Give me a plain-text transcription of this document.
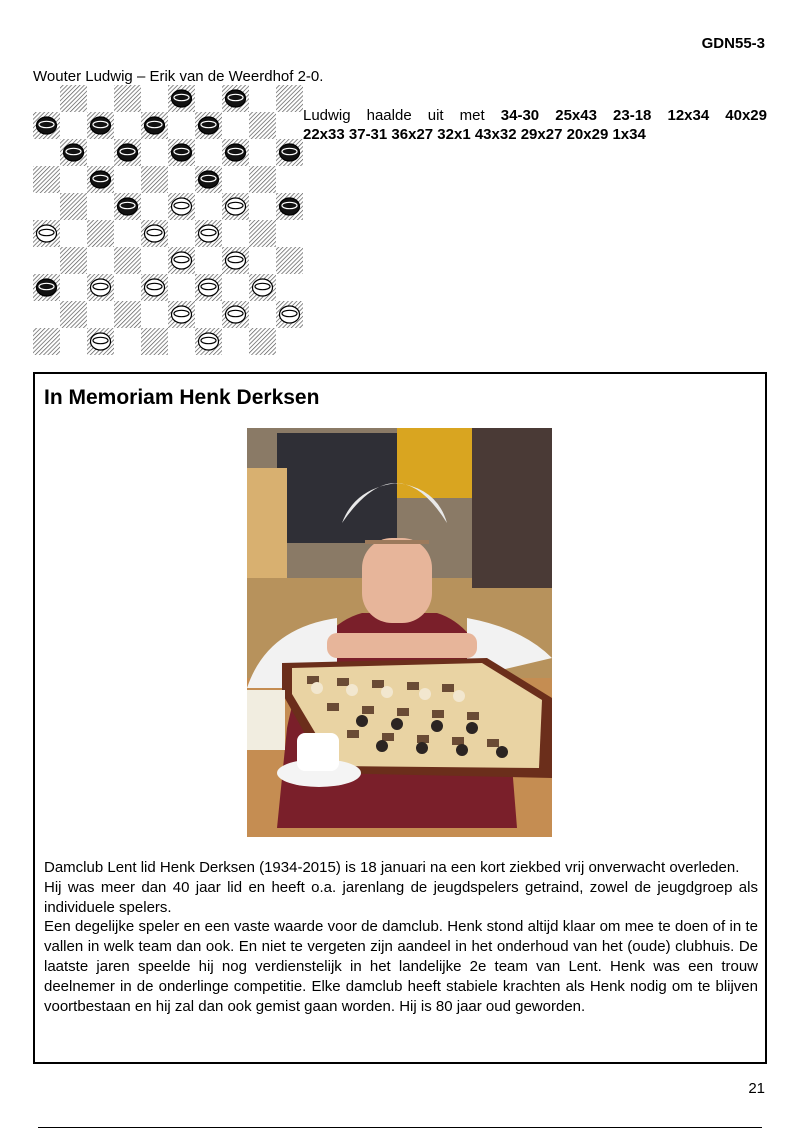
GDN55-3
Wouter Ludwig – Erik van de Weerdhof 2-0.
Ludwig haalde uit met 34-30 25x43 23-18 12x34 40x29
22x33 37-31 36x27 32x1 43x32 29x27 20x29 1x34
In Memoriam Henk Derksen

Damclub Lent lid Henk Derksen (1934-2015) is 18 januari na een kort ziekbed vrij onverwacht overleden.

Hij was meer dan 40 jaar lid en heeft o.a. jarenlang de jeugdspelers getraind, zowel de jeugdgroep als individuele spelers.

Een degelijke speler en een vaste waarde voor de damclub. Henk stond altijd klaar om mee te doen of in te vallen in welk team dan ook. En niet te vergeten zijn aandeel in het onderhoud van het (oude) clubhuis. De laatste jaren speelde hij nog verdienstelijk in het landelijke 2e team van Lent. Henk was een trouw deelnemer in de onderlinge competitie. Elke damclub heeft stabiele krachten als Henk nodig om te blijven voortbestaan en hij zal dan ook gemist gaan worden. Hij is 80 jaar oud geworden.

21
